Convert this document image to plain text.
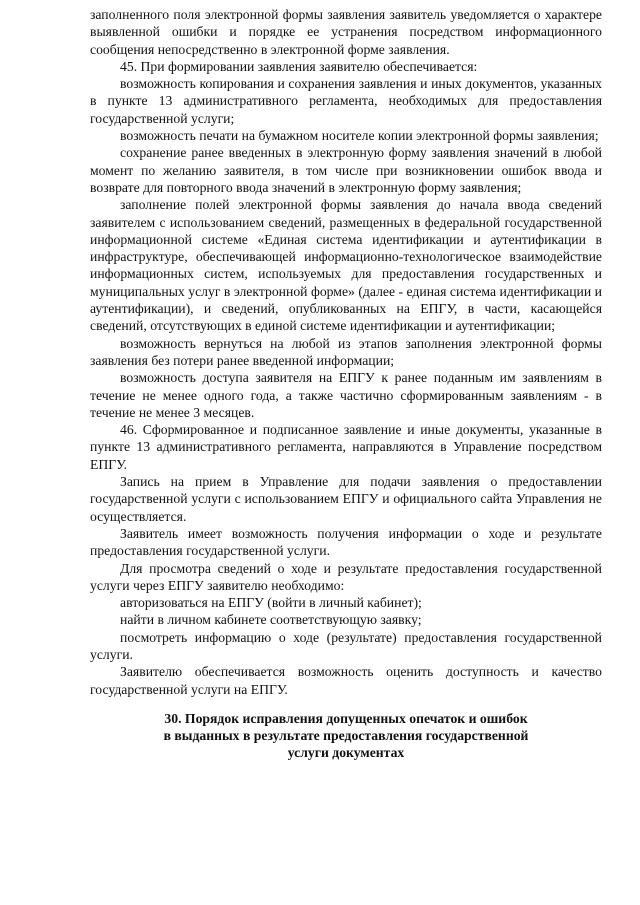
заполненного поля электронной формы заявления заявитель уведомляется о характере выявленной ошибки и порядке ее устранения посредством информационного сообщения непосредственно в электронной форме заявления.

45. При формировании заявления заявителю обеспечивается:

возможность копирования и сохранения заявления и иных документов, указанных в пункте 13 административного регламента, необходимых для предоставления государственной услуги;

возможность печати на бумажном носителе копии электронной формы заявления;

сохранение ранее введенных в электронную форму заявления значений в любой момент по желанию заявителя, в том числе при возникновении ошибок ввода и возврате для повторного ввода значений в электронную форму заявления;

заполнение полей электронной формы заявления до начала ввода сведений заявителем с использованием сведений, размещенных в федеральной государственной информационной системе «Единая система идентификации и аутентификации в инфраструктуре, обеспечивающей информационно-технологическое взаимодействие информационных систем, используемых для предоставления государственных и муниципальных услуг в электронной форме» (далее - единая система идентификации и аутентификации), и сведений, опубликованных на ЕПГУ, в части, касающейся сведений, отсутствующих в единой системе идентификации и аутентификации;

возможность вернуться на любой из этапов заполнения электронной формы заявления без потери ранее введенной информации;

возможность доступа заявителя на ЕПГУ к ранее поданным им заявлениям в течение не менее одного года, а также частично сформированным заявлениям - в течение не менее 3 месяцев.

46. Сформированное и подписанное заявление и иные документы, указанные в пункте 13 административного регламента, направляются в Управление посредством ЕПГУ.

Запись на прием в Управление для подачи заявления о предоставлении государственной услуги с использованием ЕПГУ и официального сайта Управления не осуществляется.

Заявитель имеет возможность получения информации о ходе и результате предоставления государственной услуги.

Для просмотра сведений о ходе и результате предоставления государственной услуги через ЕПГУ заявителю необходимо:

авторизоваться на ЕПГУ (войти в личный кабинет);

найти в личном кабинете соответствующую заявку;

посмотреть информацию о ходе (результате) предоставления государственной услуги.

Заявителю обеспечивается возможность оценить доступность и качество государственной услуги на ЕПГУ.

30. Порядок исправления допущенных опечаток и ошибок
в выданных в результате предоставления государственной
услуги документах
